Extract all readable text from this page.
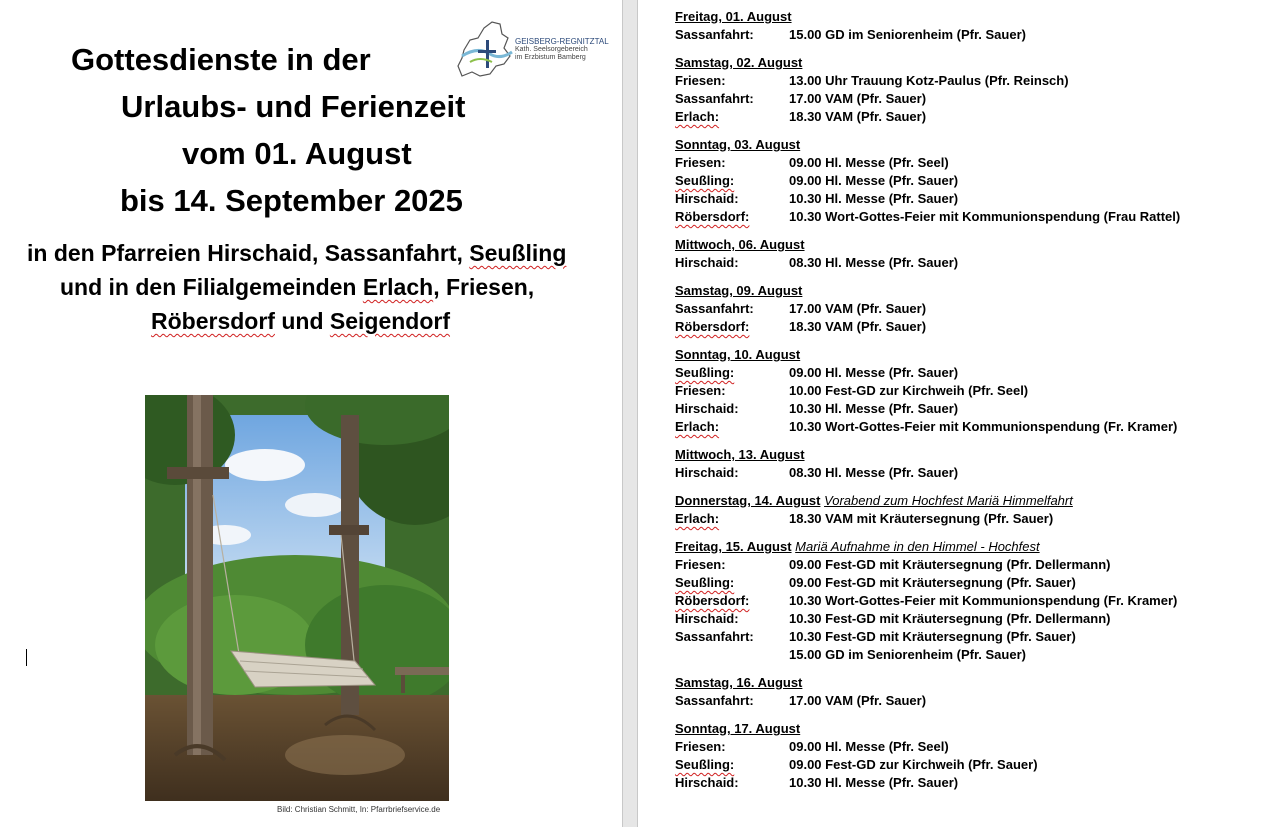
GEISBERG-REGNITZTAL
Kath. Seelsorgebereich
im Erzbistum Bamberg
Gottesdienste in der
Urlaubs- und Ferienzeit
vom 01. August
bis 14. September 2025
in den Pfarreien Hirschaid, Sassanfahrt, Seußling
und in den Filialgemeinden Erlach, Friesen,
Röbersdorf und Seigendorf
Bild: Christian Schmitt, In: Pfarrbriefservice.de
Freitag, 01. August
Sassanfahrt:	15.00 GD im Seniorenheim (Pfr. Sauer)
Samstag, 02. August
Friesen:	13.00 Uhr Trauung Kotz-Paulus (Pfr. Reinsch)
Sassanfahrt:	17.00 VAM (Pfr. Sauer)
Erlach:	18.30 VAM (Pfr. Sauer)
Sonntag, 03. August
Friesen:	09.00 Hl. Messe (Pfr. Seel)
Seußling:	09.00 Hl. Messe (Pfr. Sauer)
Hirschaid:	10.30 Hl. Messe (Pfr. Sauer)
Röbersdorf:	10.30 Wort-Gottes-Feier mit Kommunionspendung (Frau Rattel)
Mittwoch, 06. August
Hirschaid:	08.30 Hl. Messe (Pfr. Sauer)
Samstag, 09. August
Sassanfahrt:	17.00 VAM (Pfr. Sauer)
Röbersdorf:	18.30 VAM (Pfr. Sauer)
Sonntag, 10. August
Seußling:	09.00 Hl. Messe (Pfr. Sauer)
Friesen:	10.00 Fest-GD zur Kirchweih (Pfr. Seel)
Hirschaid:	10.30 Hl. Messe (Pfr. Sauer)
Erlach:	10.30 Wort-Gottes-Feier mit Kommunionspendung (Fr. Kramer)
Mittwoch, 13. August
Hirschaid:	08.30 Hl. Messe (Pfr. Sauer)
Donnerstag, 14. August Vorabend zum Hochfest Mariä Himmelfahrt
Erlach:	18.30 VAM mit Kräutersegnung (Pfr. Sauer)
Freitag, 15. August Mariä Aufnahme in den Himmel - Hochfest
Friesen:	09.00 Fest-GD mit Kräutersegnung (Pfr. Dellermann)
Seußling:	09.00 Fest-GD mit Kräutersegnung (Pfr. Sauer)
Röbersdorf:	10.30 Wort-Gottes-Feier mit Kommunionspendung (Fr. Kramer)
Hirschaid:	10.30 Fest-GD mit Kräutersegnung (Pfr. Dellermann)
Sassanfahrt:	10.30 Fest-GD mit Kräutersegnung (Pfr. Sauer)
15.00 GD im Seniorenheim (Pfr. Sauer)
Samstag, 16. August
Sassanfahrt:	17.00 VAM (Pfr. Sauer)
Sonntag, 17. August
Friesen:	09.00 Hl. Messe (Pfr. Seel)
Seußling:	09.00 Fest-GD zur Kirchweih (Pfr. Sauer)
Hirschaid:	10.30 Hl. Messe (Pfr. Sauer)
